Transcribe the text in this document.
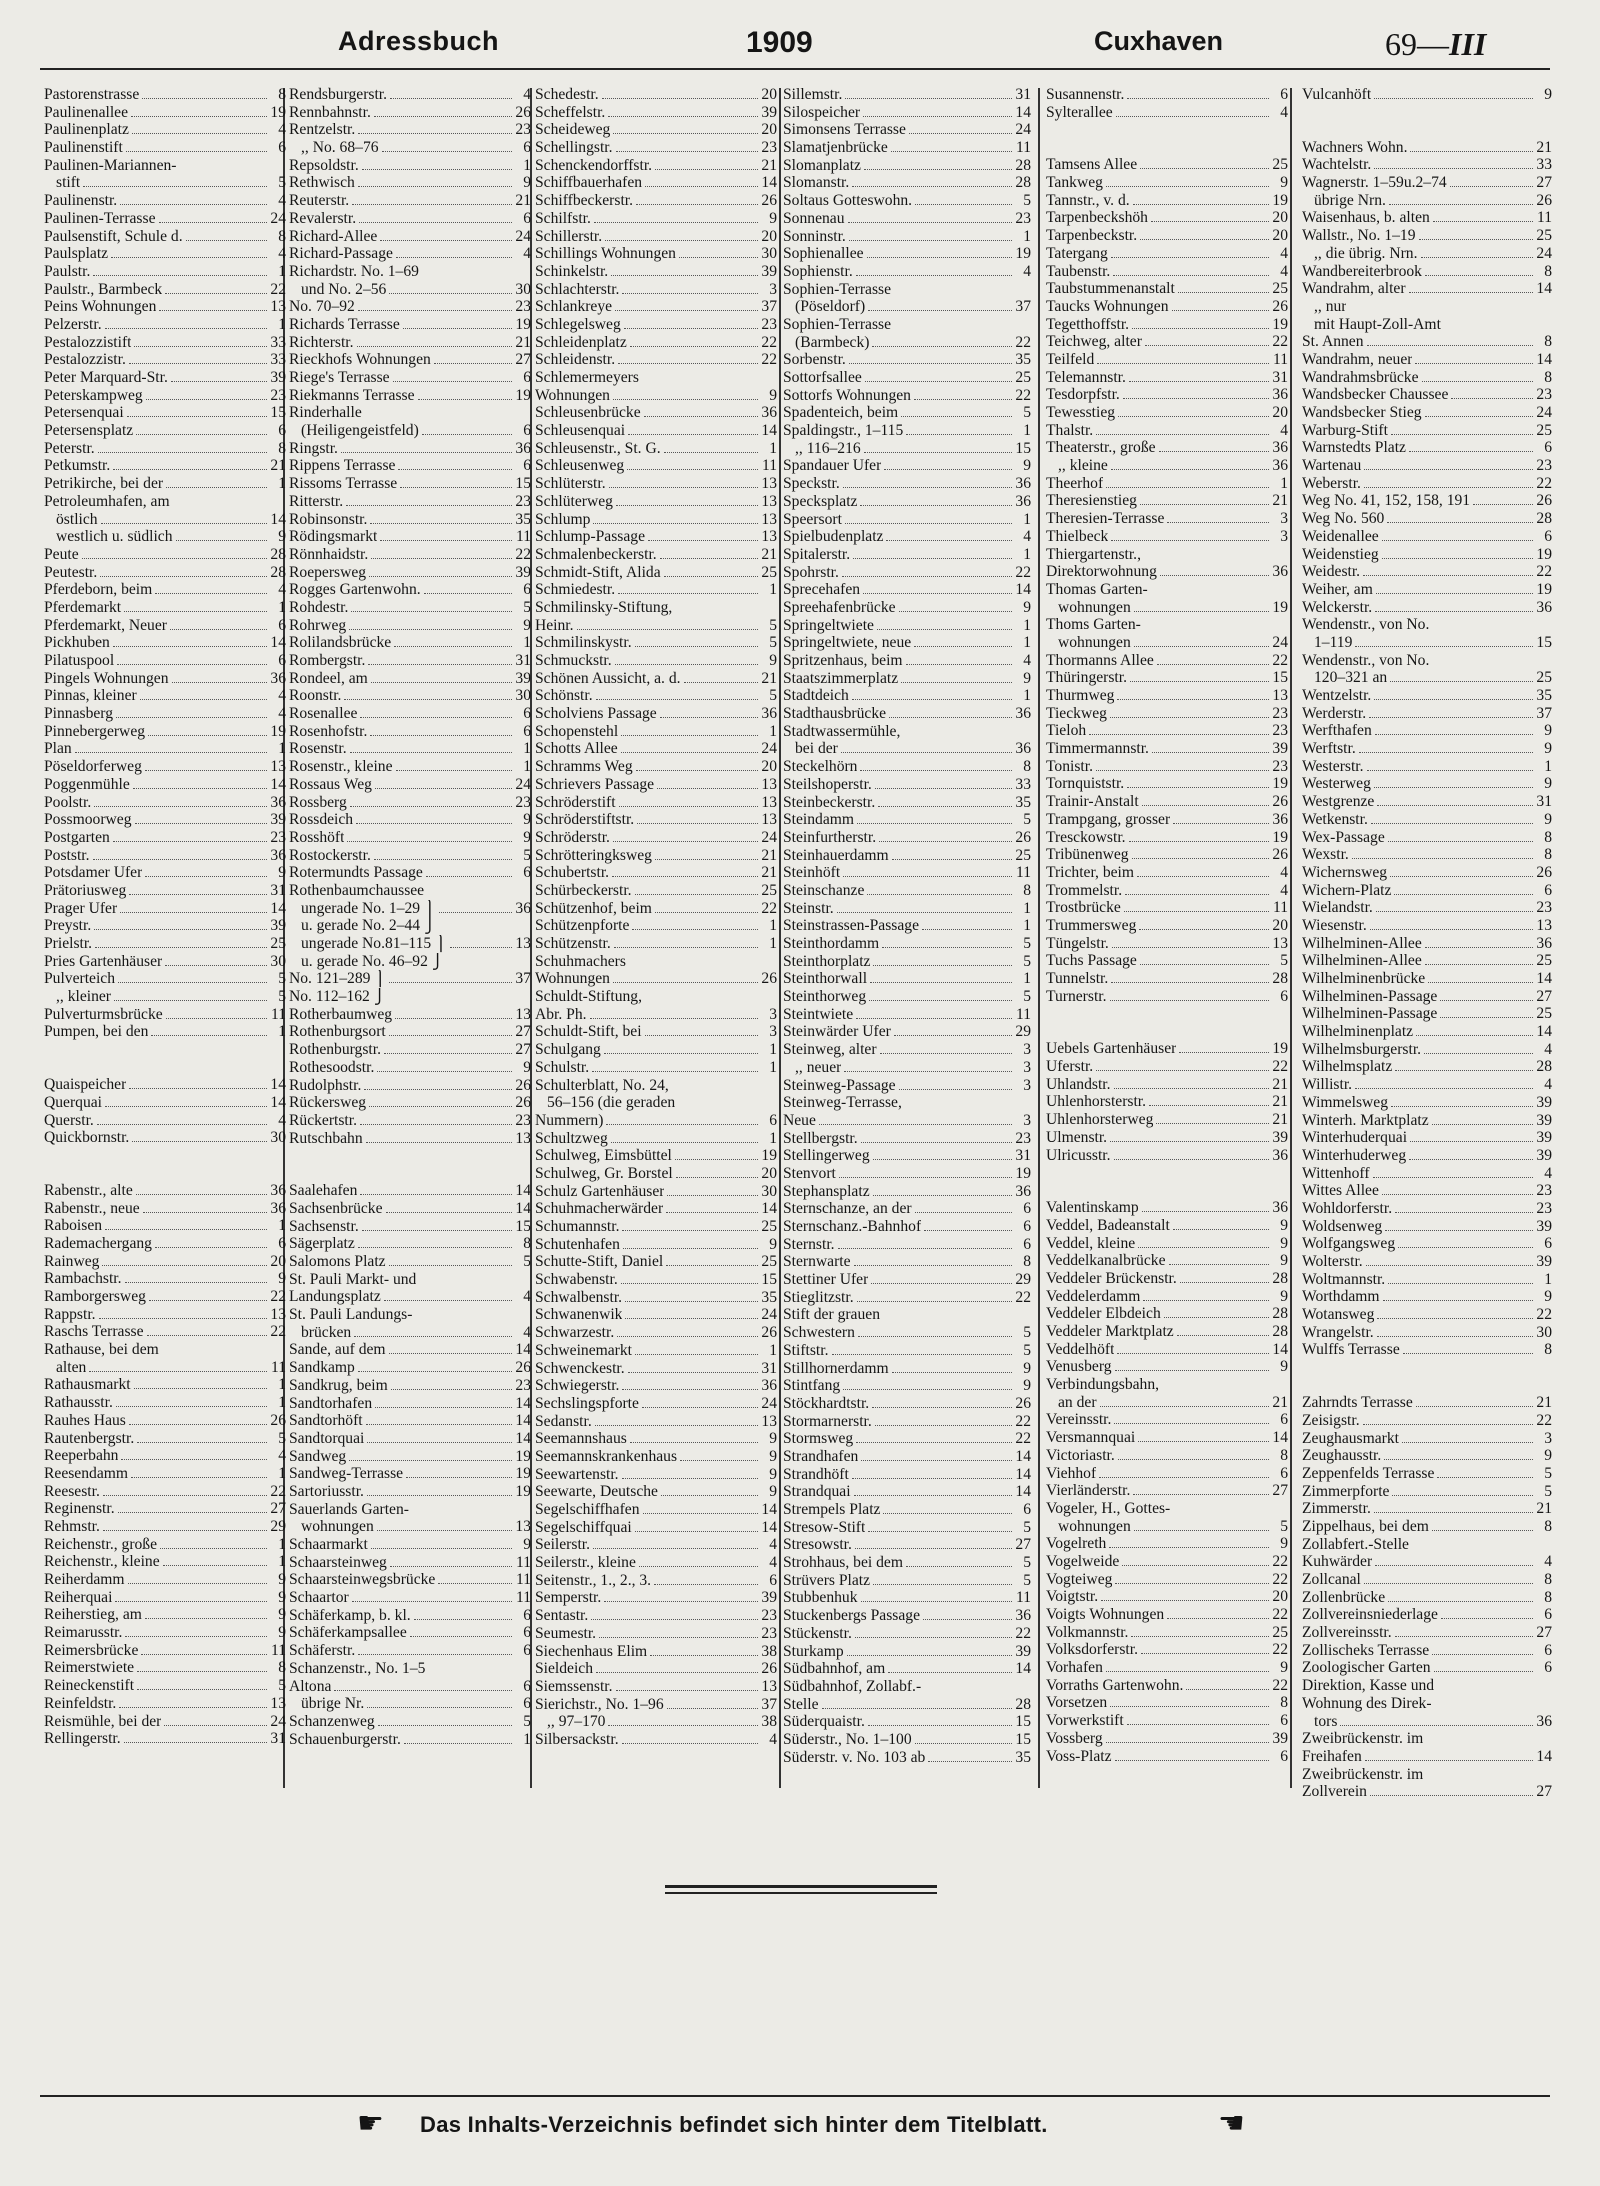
Adressbuch	1909	Cuxhaven	69—III
Pastorenstrasse	8
Paulinenallee	19
Paulinenplatz	4
Paulinenstift	6
Paulinen-Mariannen-
stift	5
Paulinenstr.	4
Paulinen-Terrasse	24
Paulsenstift, Schule d.	8
Paulsplatz	4
Paulstr.	1
Paulstr., Barmbeck	22
Peins Wohnungen	13
Pelzerstr.	1
Pestalozzistift	33
Pestalozzistr.	33
Peter Marquard-Str.	39
Peterskampweg	23
Petersenquai	15
Petersensplatz	6
Peterstr.	8
Petkumstr.	21
Petrikirche, bei der	1
Petroleumhafen, am
östlich	14
westlich u. südlich	9
Peute	28
Peutestr.	28
Pferdeborn, beim	4
Pferdemarkt	1
Pferdemarkt, Neuer	6
Pickhuben	14
Pilatuspool	6
Pingels Wohnungen	36
Pinnas, kleiner	4
Pinnasberg	4
Pinnebergerweg	19
Plan	1
Pöseldorferweg	13
Poggenmühle	14
Poolstr.	36
Possmoorweg	39
Postgarten	23
Poststr.	36
Potsdamer Ufer	9
Prätoriusweg	31
Prager Ufer	14
Preystr.	39
Prielstr.	25
Pries Gartenhäuser	30
Pulverteich	5
,, kleiner	5
Pulverturmsbrücke	11
Pumpen, bei den	1
Quaispeicher	14
Querquai	14
Querstr.	4
Quickbornstr.	30
Rabenstr., alte	36
Rabenstr., neue	36
Raboisen	1
Rademachergang	6
Rainweg	20
Rambachstr.	9
Ramborgersweg	22
Rappstr.	13
Raschs Terrasse	22
Rathause, bei dem
alten	11
Rathausmarkt	1
Rathausstr.	1
Rauhes Haus	26
Rautenbergstr.	5
Reeperbahn	4
Reesendamm	1
Reesestr.	22
Reginenstr.	27
Rehmstr.	29
Reichenstr., große	1
Reichenstr., kleine	1
Reiherdamm	9
Reiherquai	9
Reiherstieg, am	9
Reimarusstr.	9
Reimersbrücke	11
Reimerstwiete	8
Reineckenstift	5
Reinfeldstr.	13
Reismühle, bei der	24
Rellingerstr.	31
Rendsburgerstr.	4
Rennbahnstr.	26
Rentzelstr.	23
,, No. 68–76	6
Repsoldstr.	1
Rethwisch	9
Reuterstr.	21
Revalerstr.	6
Richard-Allee	24
Richard-Passage	4
Richardstr. No. 1–69
und No. 2–56	30
No. 70–92	23
Richards Terrasse	19
Richterstr.	21
Rieckhofs Wohnungen	27
Riege's Terrasse	6
Riekmanns Terrasse	19
Rinderhalle
(Heiligengeistfeld)	6
Ringstr.	36
Rippens Terrasse	6
Rissoms Terrasse	15
Ritterstr.	23
Robinsonstr.	35
Rödingsmarkt	11
Rönnhaidstr.	22
Roepersweg	39
Rogges Gartenwohn.	6
Rohdestr.	5
Rohrweg	9
Rolilandsbrücke	1
Rombergstr.	31
Rondeel, am	39
Roonstr.	30
Rosenallee	6
Rosenhofstr.	6
Rosenstr.	1
Rosenstr., kleine	1
Rossaus Weg	24
Rossberg	23
Rossdeich	9
Rosshöft	9
Rostockerstr.	5
Rotermundts Passage	6
Rothenbaumchaussee
ungerade No. 1–29 ⎫	36
u. gerade No. 2–44 ⎭
ungerade No.81–115 ⎫	13
u. gerade No. 46–92 ⎭
No. 121–289 ⎫	37
No. 112–162 ⎭
Rotherbaumweg	13
Rothenburgsort	27
Rothenburgstr.	27
Rothesoodstr.	9
Rudolphstr.	26
Rückersweg	26
Rückertstr.	23
Rutschbahn	13
Saalehafen	14
Sachsenbrücke	14
Sachsenstr.	15
Sägerplatz	8
Salomons Platz	5
St. Pauli Markt- und
Landungsplatz	4
St. Pauli Landungs-
brücken	4
Sande, auf dem	14
Sandkamp	26
Sandkrug, beim	23
Sandtorhafen	14
Sandtorhöft	14
Sandtorquai	14
Sandweg	19
Sandweg-Terrasse	19
Sartoriusstr.	19
Sauerlands Garten-
wohnungen	13
Schaarmarkt	9
Schaarsteinweg	11
Schaarsteinwegsbrücke	11
Schaartor	11
Schäferkamp, b. kl.	6
Schäferkampsallee	6
Schäferstr.	6
Schanzenstr., No. 1–5
Altona	6
übrige Nr.	6
Schanzenweg	5
Schauenburgerstr.	1
Schedestr.	20
Scheffelstr.	39
Scheideweg	20
Schellingstr.	23
Schenckendorffstr.	21
Schiffbauerhafen	14
Schiffbeckerstr.	26
Schilfstr.	9
Schillerstr.	20
Schillings Wohnungen	30
Schinkelstr.	39
Schlachterstr.	3
Schlankreye	37
Schlegelsweg	23
Schleidenplatz	22
Schleidenstr.	22
Schlemermeyers
Wohnungen	9
Schleusenbrücke	36
Schleusenquai	14
Schleusenstr., St. G.	1
Schleusenweg	11
Schlüterstr.	13
Schlüterweg	13
Schlump	13
Schlump-Passage	13
Schmalenbeckerstr.	21
Schmidt-Stift, Alida	25
Schmiedestr.	1
Schmilinsky-Stiftung,
Heinr.	5
Schmilinskystr.	5
Schmuckstr.	9
Schönen Aussicht, a. d.	21
Schönstr.	5
Scholviens Passage	36
Schopenstehl	1
Schotts Allee	24
Schramms Weg	20
Schrievers Passage	13
Schröderstift	13
Schröderstiftstr.	13
Schröderstr.	24
Schrötteringksweg	21
Schubertstr.	21
Schürbeckerstr.	25
Schützenhof, beim	22
Schützenpforte	1
Schützenstr.	1
Schuhmachers
Wohnungen	26
Schuldt-Stiftung,
Abr. Ph.	3
Schuldt-Stift, bei	3
Schulgang	1
Schulstr.	1
Schulterblatt, No. 24,
56–156 (die geraden
Nummern)	6
Schultzweg	1
Schulweg, Eimsbüttel	19
Schulweg, Gr. Borstel	20
Schulz Gartenhäuser	30
Schuhmacherwärder	14
Schumannstr.	25
Schutenhafen	9
Schutte-Stift, Daniel	25
Schwabenstr.	15
Schwalbenstr.	35
Schwanenwik	24
Schwarzestr.	26
Schweinemarkt	1
Schwenckestr.	31
Schwiegerstr.	36
Sechslingspforte	24
Sedanstr.	13
Seemannshaus	9
Seemannskrankenhaus	9
Seewartenstr.	9
Seewarte, Deutsche	9
Segelschiffhafen	14
Segelschiffquai	14
Seilerstr.	4
Seilerstr., kleine	4
Seitenstr., 1., 2., 3.	6
Semperstr.	39
Sentastr.	23
Seumestr.	23
Siechenhaus Elim	38
Sieldeich	26
Siemssenstr.	13
Sierichstr., No. 1–96	37
,, 97–170	38
Silbersackstr.	4
Sillemstr.	31
Silospeicher	14
Simonsens Terrasse	24
Slamatjenbrücke	11
Slomanplatz	28
Slomanstr.	28
Soltaus Gotteswohn.	5
Sonnenau	23
Sonninstr.	1
Sophienallee	19
Sophienstr.	4
Sophien-Terrasse
(Pöseldorf)	37
Sophien-Terrasse
(Barmbeck)	22
Sorbenstr.	35
Sottorfsallee	25
Sottorfs Wohnungen	22
Spadenteich, beim	5
Spaldingstr., 1–115	1
,, 116–216	15
Spandauer Ufer	9
Speckstr.	36
Specksplatz	36
Speersort	1
Spielbudenplatz	4
Spitalerstr.	1
Spohrstr.	22
Sprecehafen	14
Spreehafenbrücke	9
Springeltwiete	1
Springeltwiete, neue	1
Spritzenhaus, beim	4
Staatszimmerplatz	9
Stadtdeich	1
Stadthausbrücke	36
Stadtwassermühle,
bei der	36
Steckelhörn	8
Steilshoperstr.	33
Steinbeckerstr.	35
Steindamm	5
Steinfurtherstr.	26
Steinhauerdamm	25
Steinhöft	11
Steinschanze	8
Steinstr.	1
Steinstrassen-Passage	1
Steinthordamm	5
Steinthorplatz	5
Steinthorwall	1
Steinthorweg	5
Steintwiete	11
Steinwärder Ufer	29
Steinweg, alter	3
,, neuer	3
Steinweg-Passage	3
Steinweg-Terrasse,
Neue	3
Stellbergstr.	23
Stellingerweg	31
Stenvort	19
Stephansplatz	36
Sternschanze, an der	6
Sternschanz.-Bahnhof	6
Sternstr.	6
Sternwarte	8
Stettiner Ufer	29
Stieglitzstr.	22
Stift der grauen
Schwestern	5
Stiftstr.	5
Stillhornerdamm	9
Stintfang	9
Stöckhardtstr.	26
Stormarnerstr.	22
Stormsweg	22
Strandhafen	14
Strandhöft	14
Strandquai	14
Strempels Platz	6
Stresow-Stift	5
Stresowstr.	27
Strohhaus, bei dem	5
Strüvers Platz	5
Stubbenhuk	11
Stuckenbergs Passage	36
Stückenstr.	22
Sturkamp	39
Südbahnhof, am	14
Südbahnhof, Zollabf.-
Stelle	28
Süderquaistr.	15
Süderstr., No. 1–100	15
Süderstr. v. No. 103 ab	35
Susannenstr.	6
Sylterallee	4
Tamsens Allee	25
Tankweg	9
Tannstr., v. d.	19
Tarpenbeckshöh	20
Tarpenbeckstr.	20
Tatergang	4
Taubenstr.	4
Taubstummenanstalt	25
Taucks Wohnungen	26
Tegetthoffstr.	19
Teichweg, alter	22
Teilfeld	11
Telemannstr.	31
Tesdorpfstr.	36
Tewesstieg	20
Thalstr.	4
Theaterstr., große	36
,, kleine	36
Theerhof	1
Theresienstieg	21
Theresien-Terrasse	3
Thielbeck	3
Thiergartenstr.,
Direktorwohnung	36
Thomas Garten-
wohnungen	19
Thoms Garten-
wohnungen	24
Thormanns Allee	22
Thüringerstr.	15
Thurmweg	13
Tieckweg	23
Tieloh	23
Timmermannstr.	39
Tonistr.	23
Tornquiststr.	19
Trainir-Anstalt	26
Trampgang, grosser	36
Tresckowstr.	19
Tribünenweg	26
Trichter, beim	4
Trommelstr.	4
Trostbrücke	11
Trummersweg	20
Tüngelstr.	13
Tuchs Passage	5
Tunnelstr.	28
Turnerstr.	6
Uebels Gartenhäuser	19
Uferstr.	22
Uhlandstr.	21
Uhlenhorsterstr.	21
Uhlenhorsterweg	21
Ulmenstr.	39
Ulricusstr.	36
Valentinskamp	36
Veddel, Badeanstalt	9
Veddel, kleine	9
Veddelkanalbrücke	9
Veddeler Brückenstr.	28
Veddelerdamm	9
Veddeler Elbdeich	28
Veddeler Marktplatz	28
Veddelhöft	14
Venusberg	9
Verbindungsbahn,
an der	21
Vereinsstr.	6
Versmannquai	14
Victoriastr.	8
Viehhof	6
Vierländerstr.	27
Vogeler, H., Gottes-
wohnungen	5
Vogelreth	9
Vogelweide	22
Vogteiweg	22
Voigtstr.	20
Voigts Wohnungen	22
Volkmannstr.	25
Volksdorferstr.	22
Vorhafen	9
Vorraths Gartenwohn.	22
Vorsetzen	8
Vorwerkstift	6
Vossberg	39
Voss-Platz	6
Vulcanhöft	9
Wachners Wohn.	21
Wachtelstr.	33
Wagnerstr. 1–59u.2–74	27
übrige Nrn.	26
Waisenhaus, b. alten	11
Wallstr., No. 1–19	25
,, die übrig. Nrn.	24
Wandbereiterbrook	8
Wandrahm, alter	14
,, nur
mit Haupt-Zoll-Amt
St. Annen	8
Wandrahm, neuer	14
Wandrahmsbrücke	8
Wandsbecker Chaussee	23
Wandsbecker Stieg	24
Warburg-Stift	25
Warnstedts Platz	6
Wartenau	23
Weberstr.	22
Weg No. 41, 152, 158, 191	26
Weg No. 560	28
Weidenallee	6
Weidenstieg	19
Weidestr.	22
Weiher, am	19
Welckerstr.	36
Wendenstr., von No.
1–119	15
Wendenstr., von No.
120–321 an	25
Wentzelstr.	35
Werderstr.	37
Werfthafen	9
Werftstr.	9
Westerstr.	1
Westerweg	9
Westgrenze	31
Wetkenstr.	9
Wex-Passage	8
Wexstr.	8
Wichernsweg	26
Wichern-Platz	6
Wielandstr.	23
Wiesenstr.	13
Wilhelminen-Allee	36
Wilhelminen-Allee	25
Wilhelminenbrücke	14
Wilhelminen-Passage	27
Wilhelminen-Passage	25
Wilhelminenplatz	14
Wilhelmsburgerstr.	4
Wilhelmsplatz	28
Willistr.	4
Wimmelsweg	39
Winterh. Marktplatz	39
Winterhuderquai	39
Winterhuderweg	39
Wittenhoff	4
Wittes Allee	23
Wohldorferstr.	23
Woldsenweg	39
Wolfgangsweg	6
Wolterstr.	39
Woltmannstr.	1
Worthdamm	9
Wotansweg	22
Wrangelstr.	30
Wulffs Terrasse	8
Zahrndts Terrasse	21
Zeisigstr.	22
Zeughausmarkt	3
Zeughausstr.	9
Zeppenfelds Terrasse	5
Zimmerpforte	5
Zimmerstr.	21
Zippelhaus, bei dem	8
Zollabfert.-Stelle
Kuhwärder	4
Zollcanal	8
Zollenbrücke	8
Zollvereinsniederlage	6
Zollvereinsstr.	27
Zollischeks Terrasse	6
Zoologischer Garten	6
Direktion, Kasse und
Wohnung des Direk-
tors	36
Zweibrückenstr. im
Freihafen	14
Zweibrückenstr. im
Zollverein	27
☛ Das Inhalts-Verzeichnis befindet sich hinter dem Titelblatt.	☛
